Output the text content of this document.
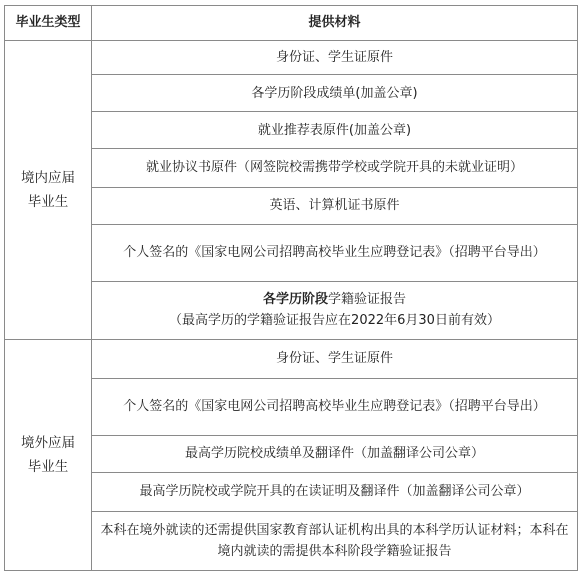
毕业生类型	提供材料
境内应届毕业生	身份证、学生证原件
	各学历阶段成绩单(加盖公章)
	就业推荐表原件(加盖公章)
	就业协议书原件（网签院校需携带学校或学院开具的未就业证明）
	英语、计算机证书原件
	个人签名的《国家电网公司招聘高校毕业生应聘登记表》（招聘平台导出）

	各学历阶段学籍验证报告
（最高学历的学籍验证报告应在2022年6月30日前有效）

境外应届毕业生	身份证、学生证原件
	个人签名的《国家电网公司招聘高校毕业生应聘登记表》（招聘平台导出）
	最高学历院校成绩单及翻译件（加盖翻译公司公章）
	最高学历院校或学院开具的在读证明及翻译件（加盖翻译公司公章）
	本科在境外就读的还需提供国家教育部认证机构出具的本科学历认证材料；本科在境内就读的需提供本科阶段学籍验证报告
